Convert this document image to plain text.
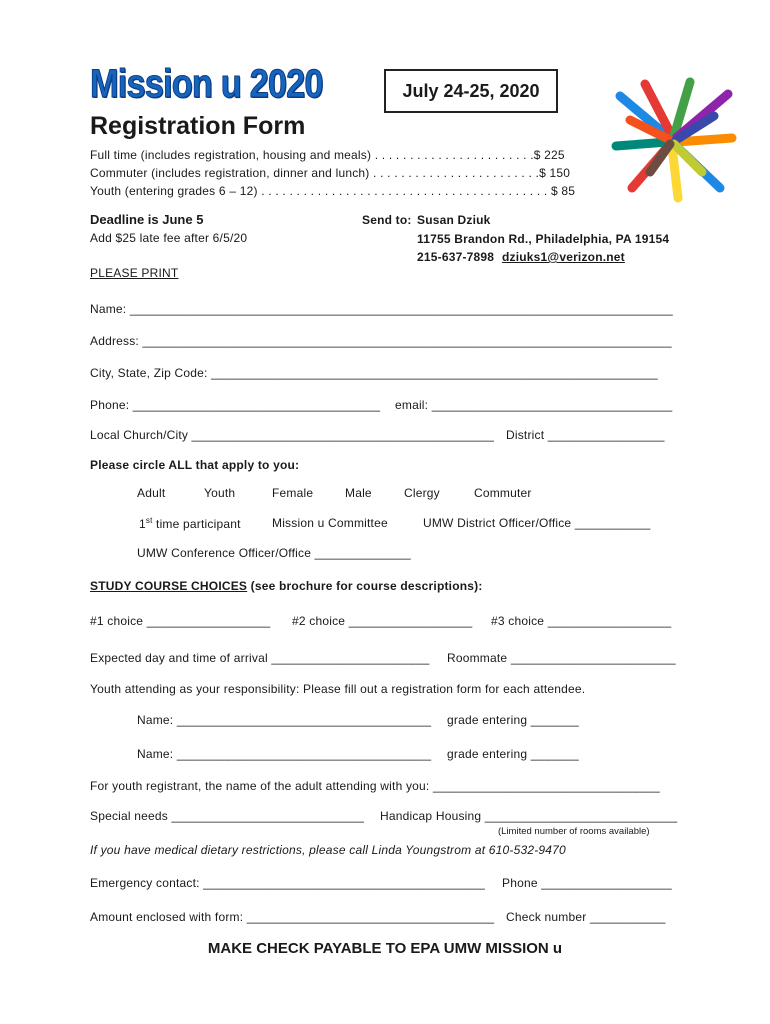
Mission u 2020	July 24-25, 2020
Registration Form
Full time (includes registration, housing and meals) . . . . . . . . . . . . . . . . . . . . . . .$ 225
Commuter (includes registration, dinner and lunch) . . . . . . . . . . . . . . . . . . . . . . . .$ 150
Youth (entering grades 6 – 12) . . . . . . . . . . . . . . . . . . . . . . . . . . . . . . . . . . . . . . . . . $ 85
Deadline is June 5
Add $25 late fee after 6/5/20
Send to: Susan Dziuk
11755 Brandon Rd., Philadelphia, PA 19154
215-637-7898 dziuks1@verizon.net
PLEASE PRINT
Name: _______________________________________________________________________________
Address: _____________________________________________________________________________
City, State, Zip Code: _________________________________________________________________
Phone: ____________________________________ email: ___________________________________
Local Church/City ____________________________________________ District _________________
Please circle ALL that apply to you:
Adult	Youth	Female	Male	Clergy	Commuter
1st time participant	Mission u Committee	UMW District Officer/Office ___________
UMW Conference Officer/Office ______________
STUDY COURSE CHOICES (see brochure for course descriptions):
#1 choice __________________ #2 choice __________________ #3 choice __________________
Expected day and time of arrival _______________________ Roommate ________________________
Youth attending as your responsibility: Please fill out a registration form for each attendee.
Name: _____________________________________ grade entering _______
Name: _____________________________________ grade entering _______
For youth registrant, the name of the adult attending with you: _________________________________
Special needs ____________________________ Handicap Housing ____________________________
(Limited number of rooms available)
If you have medical dietary restrictions, please call Linda Youngstrom at 610-532-9470
Emergency contact: _________________________________________ Phone ___________________
Amount enclosed with form: ____________________________________ Check number ___________
MAKE CHECK PAYABLE TO EPA UMW MISSION u
